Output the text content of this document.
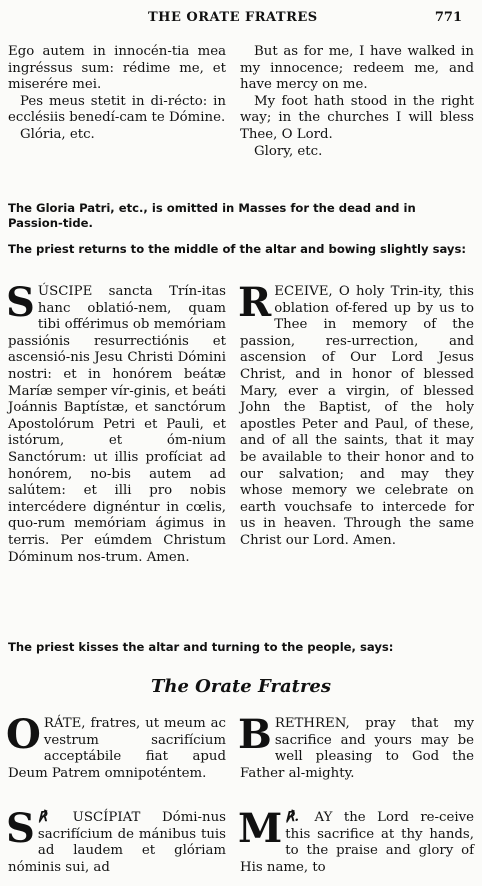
THE ORATE FRATRES	771

Ego autem in innocén-tia mea ingréssus sum: rédime me, et miserére mei.

Pes meus stetit in di-récto: in ecclésiis benedí-cam te Dómine.

Glória, etc.

But as for me, I have walked in my innocence; redeem me, and have mercy on me.

My foot hath stood in the right way; in the churches I will bless Thee, O Lord.

Glory, etc.

The Gloria Patri, etc., is omitted in Masses for the dead and in Passion-tide.
The priest returns to the middle of the altar and bowing slightly says:
S ÚSCIPE sancta Trín-itas hanc oblatió-nem, quam tibi offérimus ob memóriam passiónis resurrectiónis et ascensió-nis Jesu Christi Dómini nostri: et in honórem beátæ Maríæ semper vír-ginis, et beáti Joánnis Baptístæ, et sanctórum Apostolórum Petri et Pauli, et istórum, et óm-nium Sanctórum: ut illis profíciat ad honórem, no-bis autem ad salútem: et illi pro nobis intercédere dignéntur in cœlis, quo-rum memóriam ágimus in terris. Per eúmdem Christum Dóminum nos-trum. Amen.
R ECEIVE, O holy Trin-ity, this oblation of-fered up by us to Thee in memory of the passion, res-urrection, and ascension of Our Lord Jesus Christ, and in honor of blessed Mary, ever a virgin, of blessed John the Baptist, of the holy apostles Peter and Paul, of these, and of all the saints, that it may be available to their honor and to our salvation; and may they whose memory we celebrate on earth vouchsafe to intercede for us in heaven. Through the same Christ our Lord. Amen.
The priest kisses the altar and turning to the people, says:
The Orate Fratres
O RÁTE, fratres, ut meum ac vestrum sacrifícium acceptábile fiat apud Deum Patrem omnipoténtem.
B RETHREN, pray that my sacrifice and yours may be well pleasing to God the Father al-mighty.
℟
S	USCÍPIAT Dómi-nus sacrifícium de mánibus tuis ad laudem et glóriam nóminis sui, ad
℟.
M AY the Lord re-ceive this sacrifice at thy hands, to the praise and glory of His name, to
